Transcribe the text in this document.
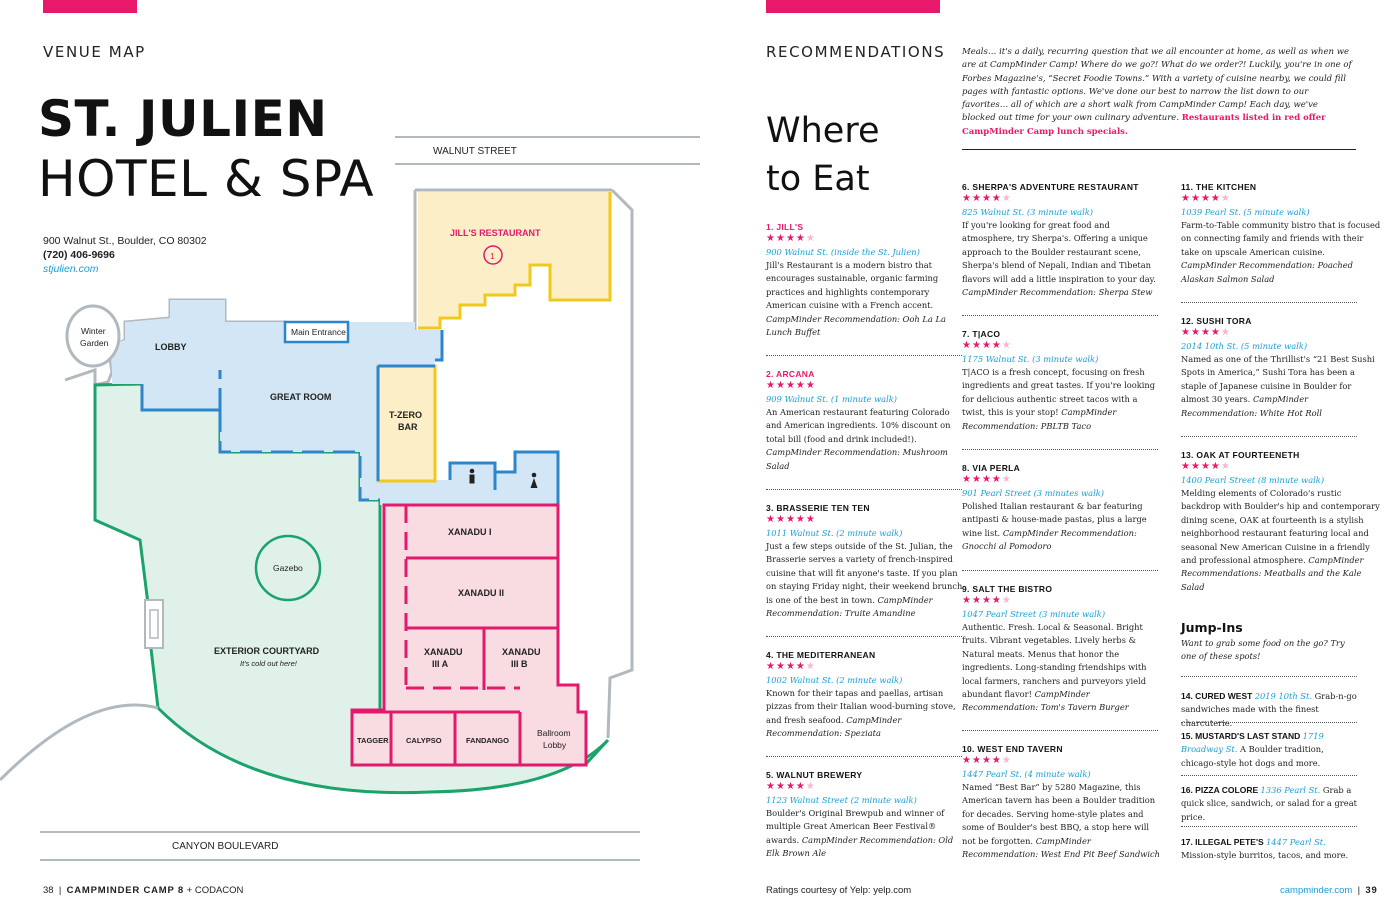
VENUE MAP
ST. JULIEN
HOTEL & SPA
900 Walnut St., Boulder, CO 80302
(720) 406-9696
stjulien.com
WALNUT STREET
CANYON BOULEVARD
Main Entrance
Winter
Garden	LOBBY
GREAT ROOM
JILL'S RESTAURANT
1
T-ZERO
BAR
XANADU I
XANADU II
XANADU
III A
XANADU
III B
TAGGER CALYPSO	FANDANGO
Ballroom
Lobby
Gazebo
EXTERIOR COURTYARD
It's cold out here!
38  |  CAMPMINDER CAMP 8 + CODACON
RECOMMENDATIONS Meals… it's a daily, recurring question that we all encounter at home, as well as when we are at CampMinder Camp! Where do we go?! What do we order?! Luckily, you're in one of Forbes Magazine's, “Secret Foodie Towns.” With a variety of cuisine nearby, we could fill pages with fantastic options. We've done our best to narrow the list down to our favorites… all of which are a short walk from CampMinder Camp! Each day, we've blocked out time for your own culinary adventure. Restaurants listed in red offer CampMinder Camp lunch specials.
Where
to Eat
1. JILL'S
★★★★★
900 Walnut St. (inside the St. Julien)
Jill's Restaurant is a modern bistro that encourages sustainable, organic farming practices and highlights contemporary American cuisine with a French accent. CampMinder Recommendation: Ooh La La Lunch Buffet
2. ARCANA
★★★★★
909 Walnut St. (1 minute walk)
An American restaurant featuring Colorado and American ingredients. 10% discount on total bill (food and drink included!). CampMinder Recommendation: Mushroom Salad
3. BRASSERIE TEN TEN
★★★★★
1011 Walnut St. (2 minute walk)
Just a few steps outside of the St. Julian, the Brasserie serves a variety of french-inspired cuisine that will fit anyone's taste. If you plan on staying Friday night, their weekend brunch is one of the best in town. CampMinder Recommendation: Truite Amandine
4. THE MEDITERRANEAN
★★★★★
1002 Walnut St. (2 minute walk)
Known for their tapas and paellas, artisan pizzas from their Italian wood-burning stove, and fresh seafood. CampMinder Recommendation: Speziata
5. WALNUT BREWERY
★★★★★
1123 Walnut Street (2 minute walk)
Boulder's Original Brewpub and winner of multiple Great American Beer Festival® awards. CampMinder Recommendation: Old Elk Brown Ale
6. SHERPA'S ADVENTURE RESTAURANT
★★★★★
825 Walnut St. (3 minute walk)
If you're looking for great food and atmosphere, try Sherpa's. Offering a unique approach to the Boulder restaurant scene, Sherpa's blend of Nepali, Indian and Tibetan flavors will add a little inspiration to your day. CampMinder Recommendation: Sherpa Stew
7. T|ACO
★★★★★
1175 Walnut St. (3 minute walk)
T|ACO is a fresh concept, focusing on fresh ingredients and great tastes. If you're looking for delicious authentic street tacos with a twist, this is your stop! CampMinder Recommendation: PBLTB Taco
8. VIA PERLA
★★★★★
901 Pearl Street (3 minutes walk)
Polished Italian restaurant & bar featuring antipasti & house-made pastas, plus a large wine list. CampMinder Recommendation: Gnocchi al Pomodoro
9. SALT THE BISTRO
★★★★★
1047 Pearl Street (3 minute walk)
Authentic. Fresh. Local & Seasonal. Bright fruits. Vibrant vegetables. Lively herbs & Natural meats. Menus that honor the ingredients. Long-standing friendships with local farmers, ranchers and purveyors yield abundant flavor! CampMinder Recommendation: Tom's Tavern Burger
10. WEST END TAVERN
★★★★★
1447 Pearl St. (4 minute walk)
Named “Best Bar” by 5280 Magazine, this American tavern has been a Boulder tradition for decades. Serving home-style plates and some of Boulder's best BBQ, a stop here will not be forgotten. CampMinder Recommendation: West End Pit Beef Sandwich
11. THE KITCHEN
★★★★★
1039 Pearl St. (5 minute walk)
Farm-to-Table community bistro that is focused on connecting family and friends with their take on upscale American cuisine. CampMinder Recommendation: Poached Alaskan Salmon Salad
12. SUSHI TORA
★★★★★
2014 10th St. (5 minute walk)
Named as one of the Thrillist's “21 Best Sushi Spots in America,” Sushi Tora has been a staple of Japanese cuisine in Boulder for almost 30 years. CampMinder Recommendation: White Hot Roll
13. OAK AT FOURTEENETH
★★★★★
1400 Pearl Street (8 minute walk)
Melding elements of Colorado's rustic backdrop with Boulder's hip and contemporary dining scene, OAK at fourteenth is a stylish neighborhood restaurant featuring local and seasonal New American Cuisine in a friendly and professional atmosphere. CampMinder Recommendations: Meatballs and the Kale Salad
Jump-Ins
Want to grab some food on the go? Try one of these spots!
14. CURED WEST 2019 10th St. Grab-n-go sandwiches made with the finest charcuterie.
15. MUSTARD'S LAST STAND 1719 Broadway St. A Boulder tradition, chicago-style hot dogs and more.
16. PIZZA COLORE 1336 Pearl St. Grab a quick slice, sandwich, or salad for a great price.
17. ILLEGAL PETE'S 1447 Pearl St. Mission-style burritos, tacos, and more.
Ratings courtesy of Yelp: yelp.com	campminder.com  |  39
